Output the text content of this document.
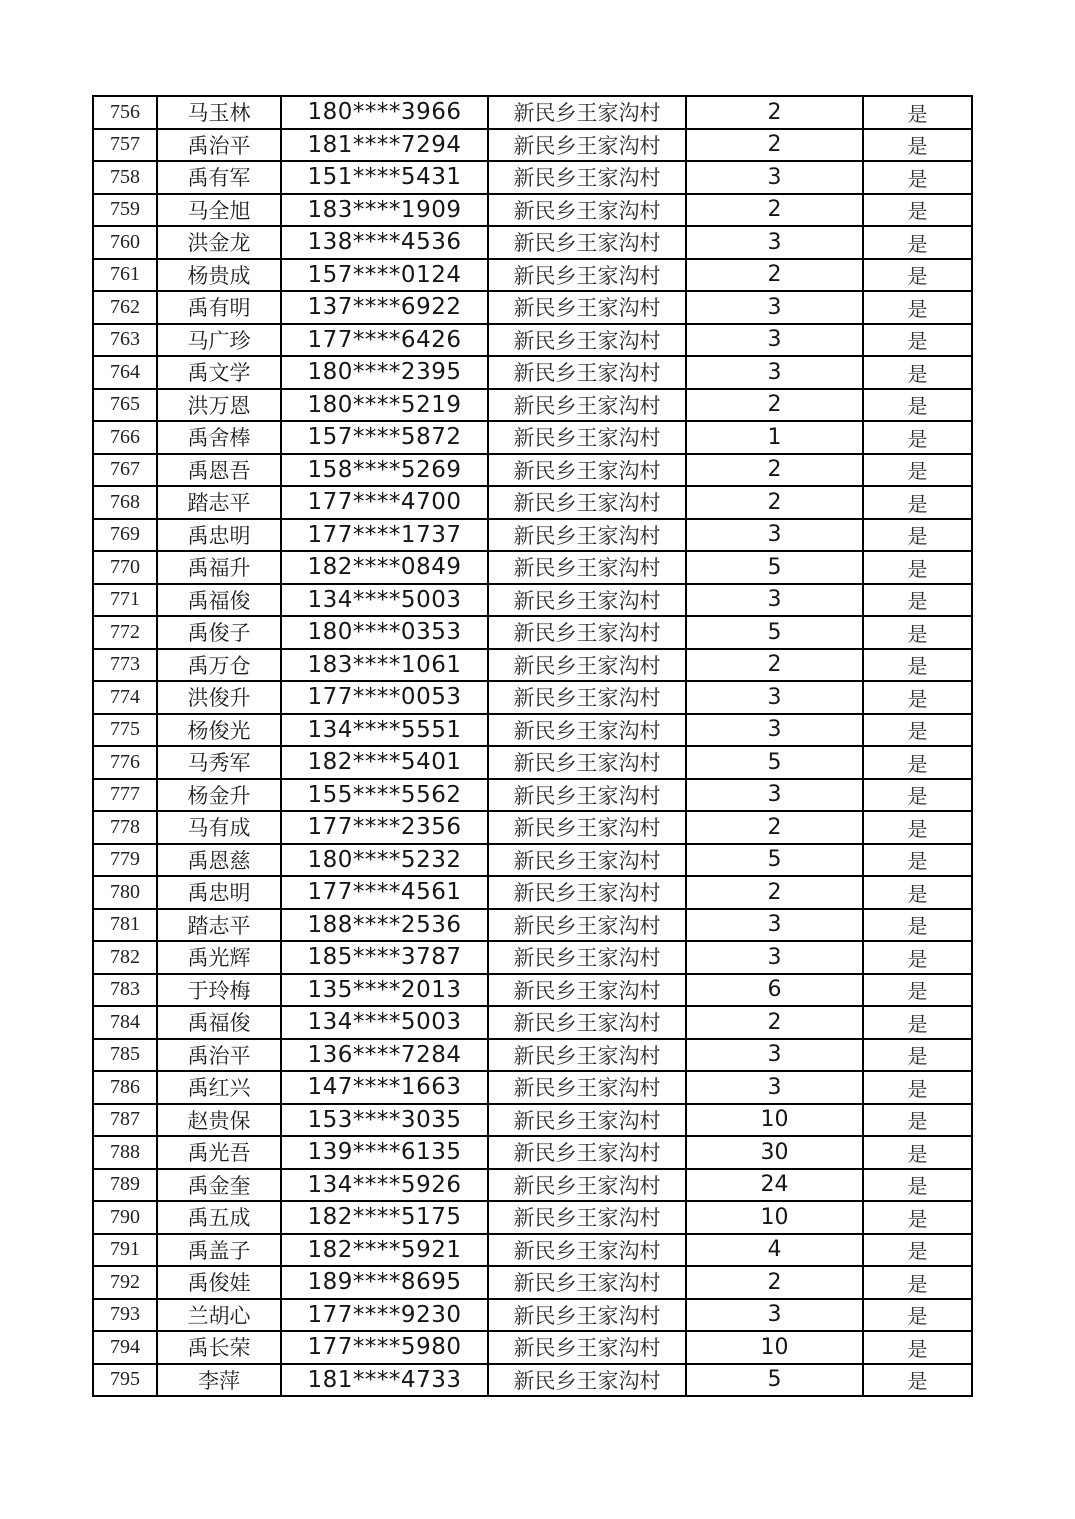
756	马玉林	180****3966	新民乡王家沟村	2	是
757	禹治平	181****7294	新民乡王家沟村	2	是
758	禹有军	151****5431	新民乡王家沟村	3	是
759	马全旭	183****1909	新民乡王家沟村	2	是
760	洪金龙	138****4536	新民乡王家沟村	3	是
761	杨贵成	157****0124	新民乡王家沟村	2	是
762	禹有明	137****6922	新民乡王家沟村	3	是
763	马广珍	177****6426	新民乡王家沟村	3	是
764	禹文学	180****2395	新民乡王家沟村	3	是
765	洪万恩	180****5219	新民乡王家沟村	2	是
766	禹舍棒	157****5872	新民乡王家沟村	1	是
767	禹恩吾	158****5269	新民乡王家沟村	2	是
768	踏志平	177****4700	新民乡王家沟村	2	是
769	禹忠明	177****1737	新民乡王家沟村	3	是
770	禹福升	182****0849	新民乡王家沟村	5	是
771	禹福俊	134****5003	新民乡王家沟村	3	是
772	禹俊子	180****0353	新民乡王家沟村	5	是
773	禹万仓	183****1061	新民乡王家沟村	2	是
774	洪俊升	177****0053	新民乡王家沟村	3	是
775	杨俊光	134****5551	新民乡王家沟村	3	是
776	马秀军	182****5401	新民乡王家沟村	5	是
777	杨金升	155****5562	新民乡王家沟村	3	是
778	马有成	177****2356	新民乡王家沟村	2	是
779	禹恩慈	180****5232	新民乡王家沟村	5	是
780	禹忠明	177****4561	新民乡王家沟村	2	是
781	踏志平	188****2536	新民乡王家沟村	3	是
782	禹光辉	185****3787	新民乡王家沟村	3	是
783	于玲梅	135****2013	新民乡王家沟村	6	是
784	禹福俊	134****5003	新民乡王家沟村	2	是
785	禹治平	136****7284	新民乡王家沟村	3	是
786	禹红兴	147****1663	新民乡王家沟村	3	是
787	赵贵保	153****3035	新民乡王家沟村	10	是
788	禹光吾	139****6135	新民乡王家沟村	30	是
789	禹金奎	134****5926	新民乡王家沟村	24	是
790	禹五成	182****5175	新民乡王家沟村	10	是
791	禹盖子	182****5921	新民乡王家沟村	4	是
792	禹俊娃	189****8695	新民乡王家沟村	2	是
793	兰胡心	177****9230	新民乡王家沟村	3	是
794	禹长荣	177****5980	新民乡王家沟村	10	是
795	李萍	181****4733	新民乡王家沟村	5	是
